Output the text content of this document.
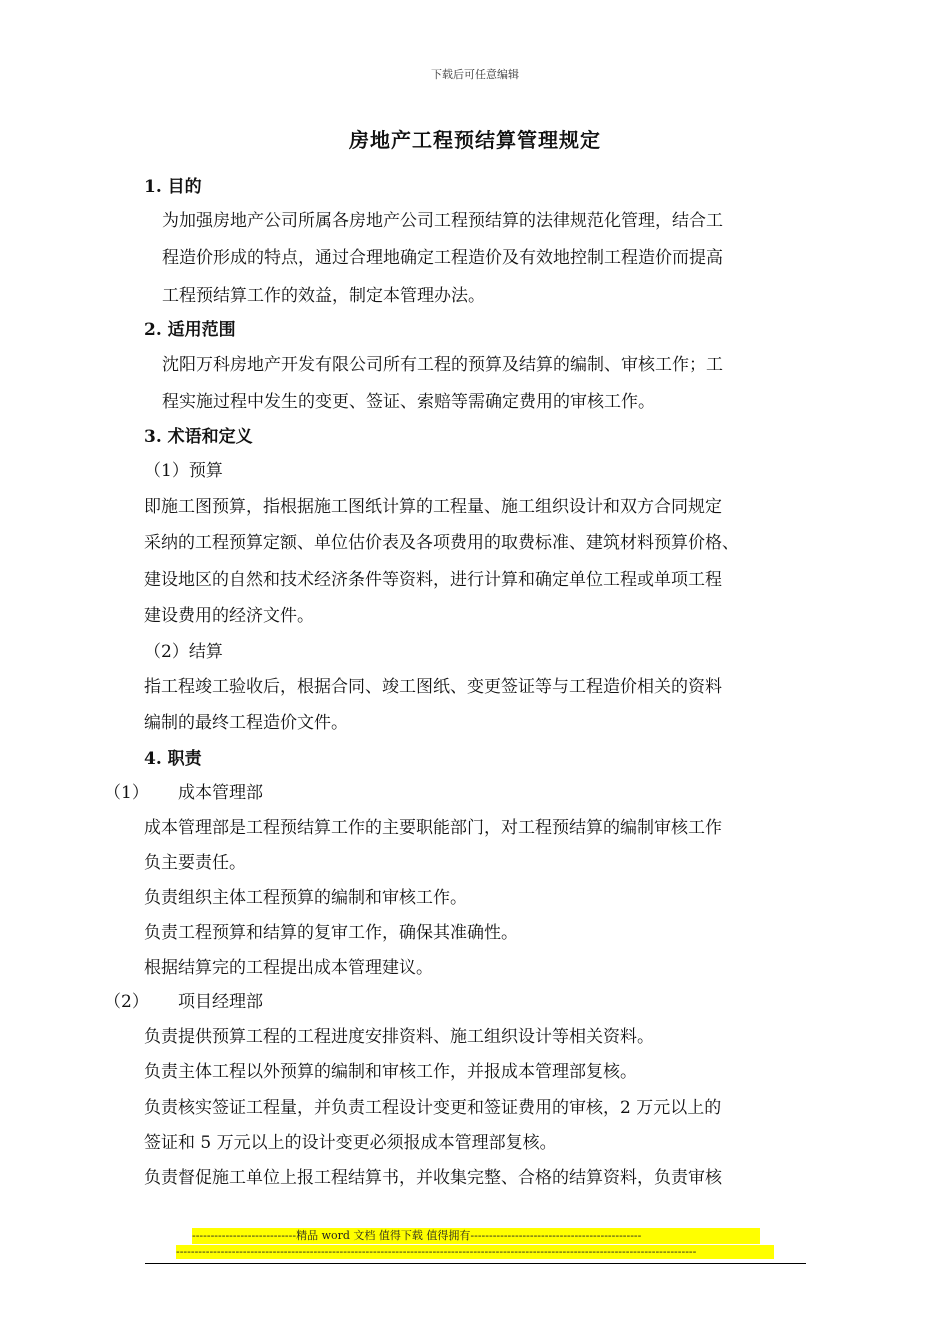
下载后可任意编辑
房地产工程预结算管理规定
1. 目的
为加强房地产公司所属各房地产公司工程预结算的法律规范化管理，结合工
程造价形成的特点，通过合理地确定工程造价及有效地控制工程造价而提高
工程预结算工作的效益，制定本管理办法。
2. 适用范围
沈阳万科房地产开发有限公司所有工程的预算及结算的编制、审核工作；工
程实施过程中发生的变更、签证、索赔等需确定费用的审核工作。
3. 术语和定义
（1）预算
即施工图预算，指根据施工图纸计算的工程量、施工组织设计和双方合同规定
采纳的工程预算定额、单位估价表及各项费用的取费标准、建筑材料预算价格、
建设地区的自然和技术经济条件等资料，进行计算和确定单位工程或单项工程
建设费用的经济文件。
（2）结算
指工程竣工验收后，根据合同、竣工图纸、变更签证等与工程造价相关的资料
编制的最终工程造价文件。
4. 职责
（1） 成本管理部
成本管理部是工程预结算工作的主要职能部门，对工程预结算的编制审核工作
负主要责任。
负责组织主体工程预算的编制和审核工作。
负责工程预算和结算的复审工作，确保其准确性。
根据结算完的工程提出成本管理建议。
（2） 项目经理部
负责提供预算工程的工程进度安排资料、施工组织设计等相关资料。
负责主体工程以外预算的编制和审核工作，并报成本管理部复核。
负责核实签证工程量，并负责工程设计变更和签证费用的审核，2 万元以上的
签证和 5 万元以上的设计变更必须报成本管理部复核。
负责督促施工单位上报工程结算书，并收集完整、合格的结算资料，负责审核
----------------------------精品 word 文档 值得下载 值得拥有----------------------------------------------
--------------------------------------------------------------------------------------------------------------------------------------------
